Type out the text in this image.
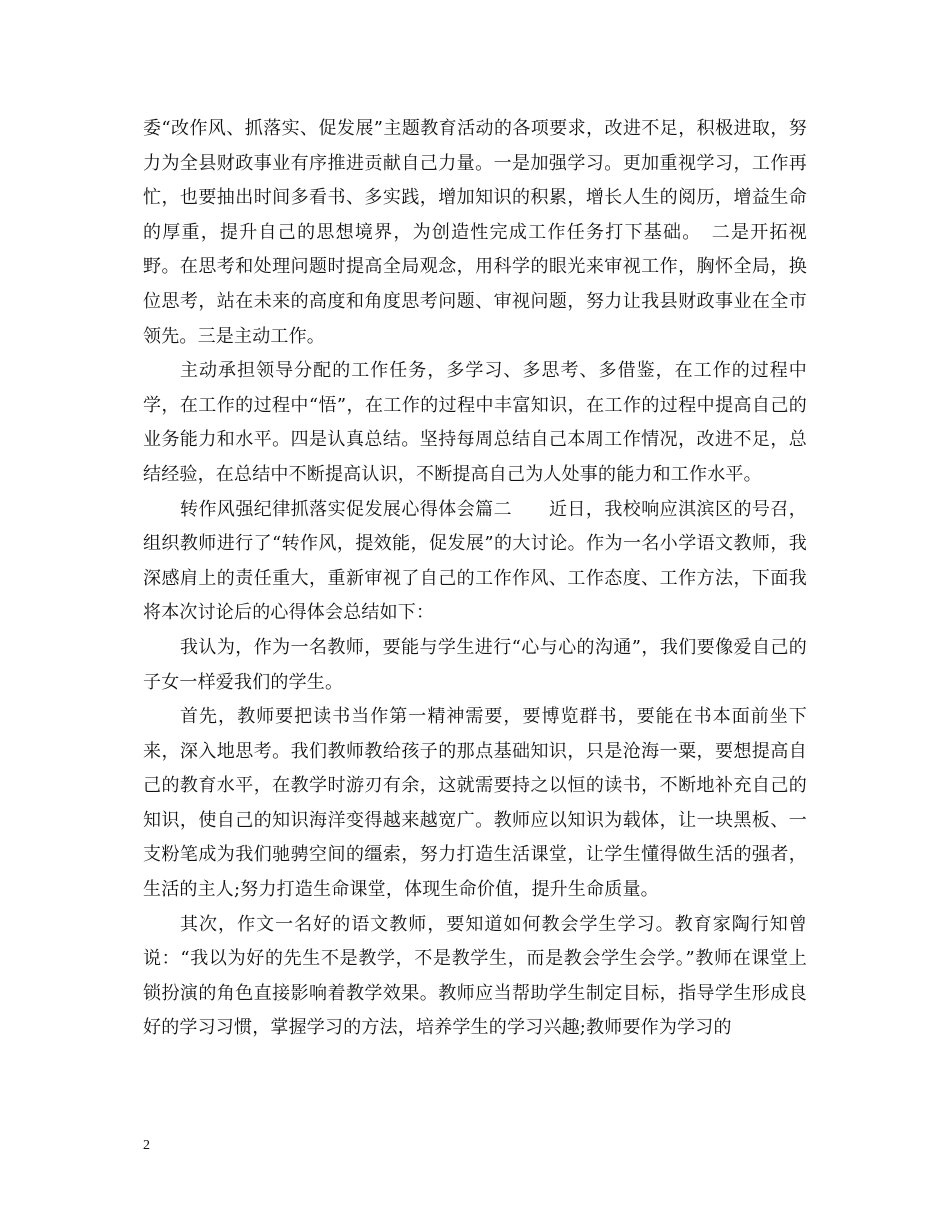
委“改作风、抓落实、促发展”主题教育活动的各项要求，改进不足，积极进取，努力为全县财政事业有序推进贡献自己力量。一是加强学习。更加重视学习，工作再忙，也要抽出时间多看书、多实践，增加知识的积累，增长人生的阅历，增益生命的厚重，提升自己的思想境界，为创造性完成工作任务打下基础。　二是开拓视野。在思考和处理问题时提高全局观念，用科学的眼光来审视工作，胸怀全局，换位思考，站在未来的高度和角度思考问题、审视问题，努力让我县财政事业在全市领先。三是主动工作。

主动承担领导分配的工作任务，多学习、多思考、多借鉴，在工作的过程中学，在工作的过程中“悟”，在工作的过程中丰富知识，在工作的过程中提高自己的业务能力和水平。四是认真总结。坚持每周总结自己本周工作情况，改进不足，总结经验，在总结中不断提高认识，不断提高自己为人处事的能力和工作水平。

转作风强纪律抓落实促发展心得体会篇二　　近日，我校响应淇滨区的号召，组织教师进行了“转作风，提效能，促发展”的大讨论。作为一名小学语文教师，我深感肩上的责任重大，重新审视了自己的工作作风、工作态度、工作方法，下面我将本次讨论后的心得体会总结如下：

我认为，作为一名教师，要能与学生进行“心与心的沟通”，我们要像爱自己的子女一样爱我们的学生。

首先，教师要把读书当作第一精神需要，要博览群书，要能在书本面前坐下来，深入地思考。我们教师教给孩子的那点基础知识，只是沧海一粟，要想提高自己的教育水平，在教学时游刃有余，这就需要持之以恒的读书，不断地补充自己的知识，使自己的知识海洋变得越来越宽广。教师应以知识为载体，让一块黑板、一支粉笔成为我们驰骋空间的缰索，努力打造生活课堂，让学生懂得做生活的强者，生活的主人;努力打造生命课堂，体现生命价值，提升生命质量。

其次，作文一名好的语文教师，要知道如何教会学生学习。教育家陶行知曾说：“我以为好的先生不是教学，不是教学生，而是教会学生会学。”教师在课堂上锁扮演的角色直接影响着教学效果。教师应当帮助学生制定目标，指导学生形成良好的学习习惯，掌握学习的方法，培养学生的学习兴趣;教师要作为学习的

2
